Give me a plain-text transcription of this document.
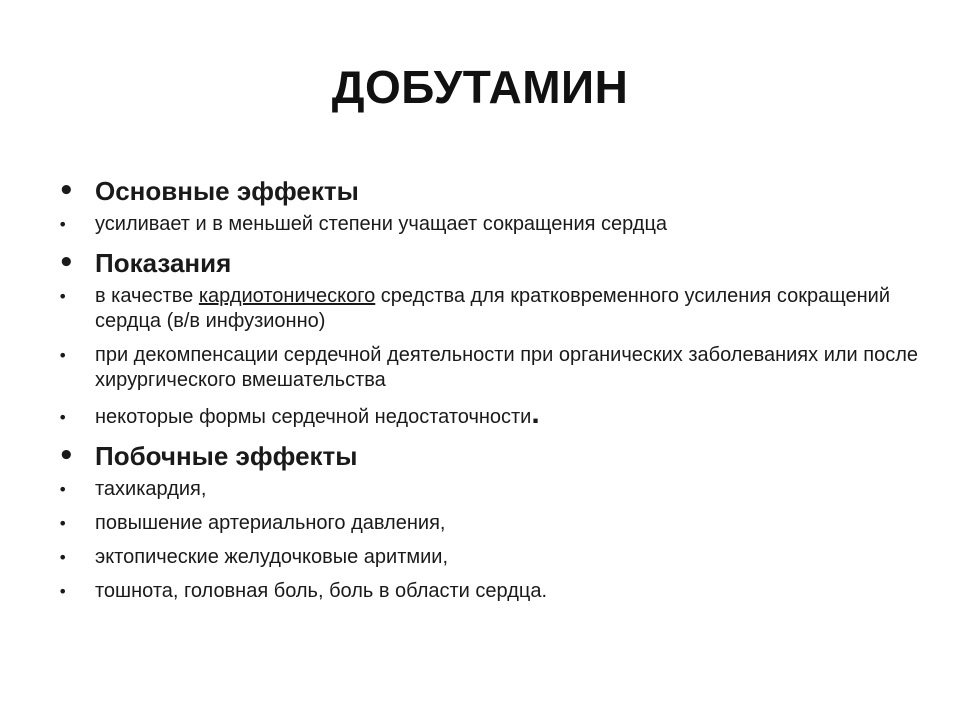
ДОБУТАМИН
• Основные эффекты
• усиливает и в меньшей степени учащает сокращения сердца
• Показания
• в качестве кардиотонического средства для кратковременного усиления сокращений сердца (в/в инфузионно)
• при декомпенсации сердечной деятельности при органических заболеваниях или после хирургического вмешательства
• некоторые формы сердечной недостаточности.
• Побочные эффекты
• тахикардия,
• повышение артериального давления,
• эктопические желудочковые аритмии,
• тошнота, головная боль, боль в области сердца.
